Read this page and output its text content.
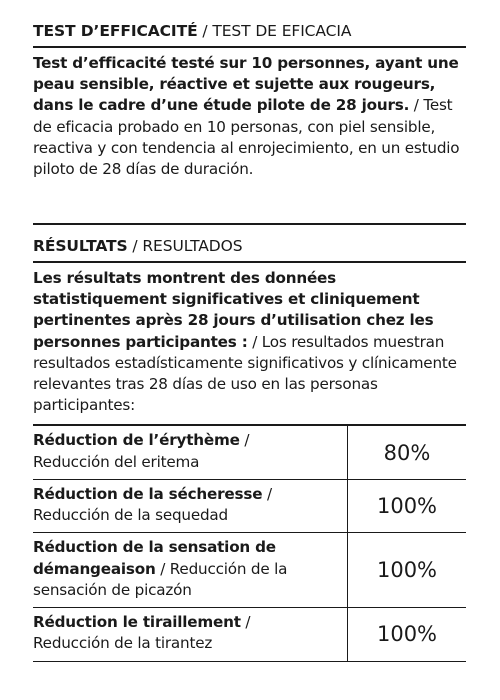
TEST D’EFFICACITÉ / TEST DE EFICACIA
Test d’efficacité testé sur 10 personnes, ayant une peau sensible, réactive et sujette aux rougeurs, dans le cadre d’une étude pilote de 28 jours. / Test de eficacia probado en 10 personas, con piel sensible, reactiva y con tendencia al enrojecimiento, en un estudio piloto de 28 días de duración.
RÉSULTATS / RESULTADOS
Les résultats montrent des données statistiquement significatives et cliniquement pertinentes après 28 jours d’utilisation chez les personnes participantes : / Los resultados muestran resultados estadísticamente significativos y clínicamente relevantes tras 28 días de uso en las personas participantes:
Réduction de l’érythème /
Reducción del eritema	80%
Réduction de la sécheresse /
Reducción de la sequedad	100%
Réduction de la sensation de démangeaison / Reducción de la sensación de picazón	100%
Réduction le tiraillement /
Reducción de la tirantez	100%
